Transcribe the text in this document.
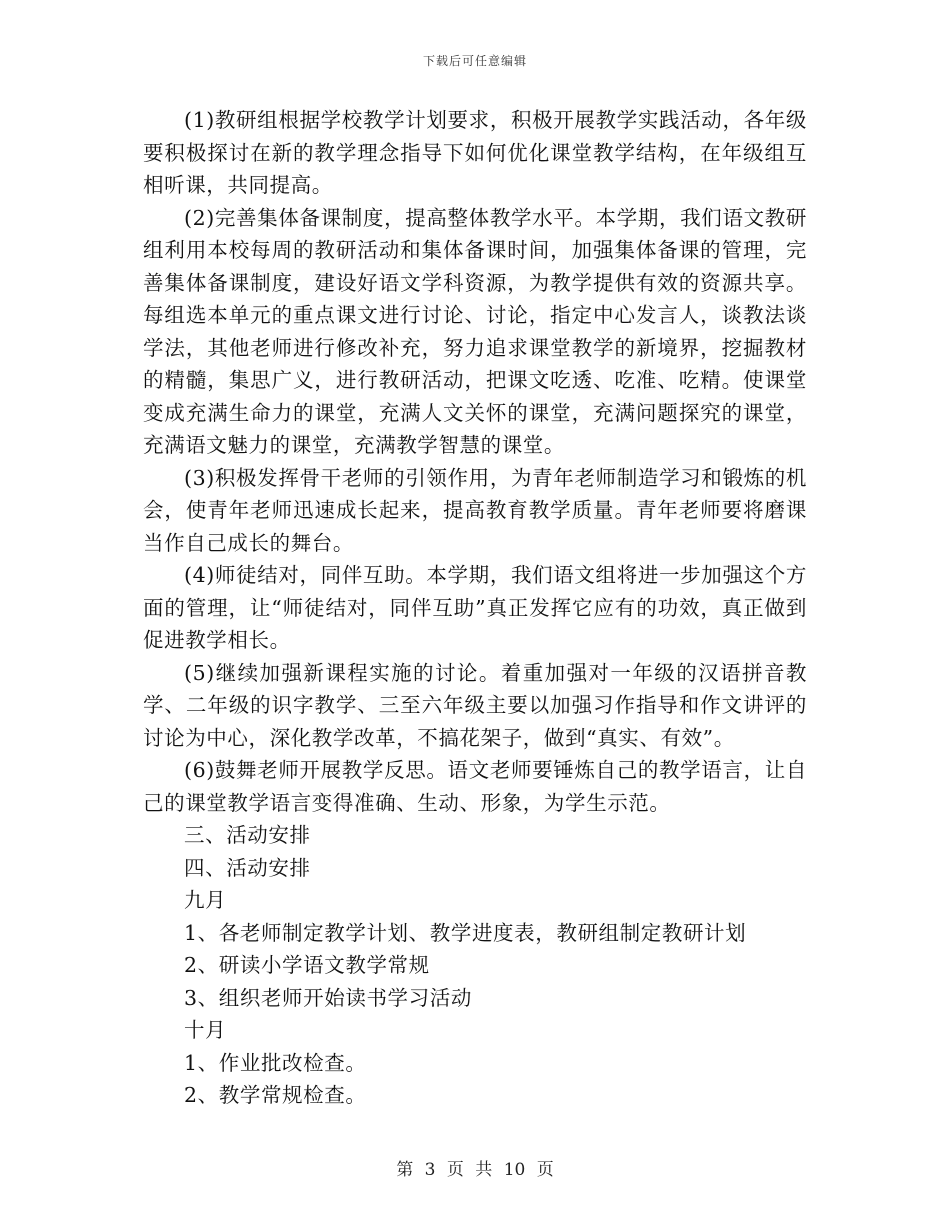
下载后可任意编辑

(1)教研组根据学校教学计划要求，积极开展教学实践活动，各年级要积极探讨在新的教学理念指导下如何优化课堂教学结构，在年级组互相听课，共同提高。

(2)完善集体备课制度，提高整体教学水平。本学期，我们语文教研组利用本校每周的教研活动和集体备课时间，加强集体备课的管理，完善集体备课制度，建设好语文学科资源，为教学提供有效的资源共享。每组选本单元的重点课文进行讨论、讨论，指定中心发言人，谈教法谈学法，其他老师进行修改补充，努力追求课堂教学的新境界，挖掘教材的精髓，集思广义，进行教研活动，把课文吃透、吃准、吃精。使课堂变成充满生命力的课堂，充满人文关怀的课堂，充满问题探究的课堂，充满语文魅力的课堂，充满教学智慧的课堂。

(3)积极发挥骨干老师的引领作用，为青年老师制造学习和锻炼的机会，使青年老师迅速成长起来，提高教育教学质量。青年老师要将磨课当作自己成长的舞台。

(4)师徒结对，同伴互助。本学期，我们语文组将进一步加强这个方面的管理，让“师徒结对，同伴互助”真正发挥它应有的功效，真正做到促进教学相长。

(5)继续加强新课程实施的讨论。着重加强对一年级的汉语拼音教学、二年级的识字教学、三至六年级主要以加强习作指导和作文讲评的讨论为中心，深化教学改革，不搞花架子，做到“真实、有效”。

(6)鼓舞老师开展教学反思。语文老师要锤炼自己的教学语言，让自己的课堂教学语言变得准确、生动、形象，为学生示范。

三、活动安排

四、活动安排

九月

1、各老师制定教学计划、教学进度表，教研组制定教研计划

2、研读小学语文教学常规

3、组织老师开始读书学习活动

十月

1、作业批改检查。

2、教学常规检查。

第 3 页 共 10 页
